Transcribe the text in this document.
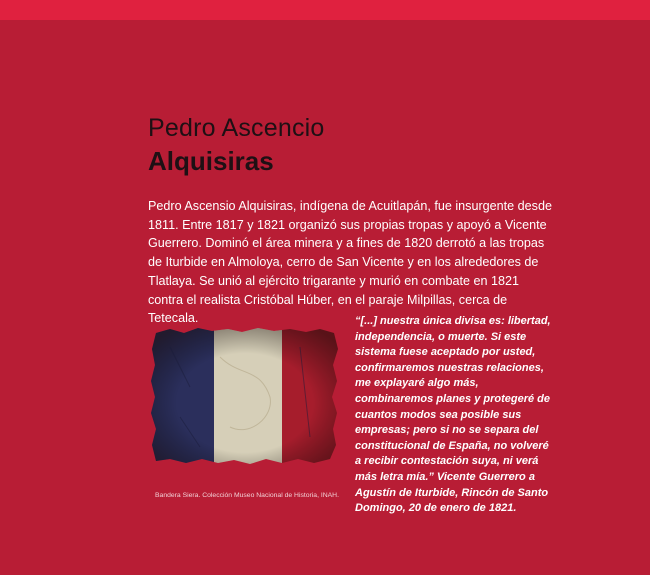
Pedro Ascencio
Alquisiras
Pedro Ascensio Alquisiras, indígena de Acuitlapán, fue insurgente desde 1811. Entre 1817 y 1821 organizó sus propias tropas y apoyó a Vicente Guerrero. Dominó el área minera y a fines de 1820 derrotó a las tropas de Iturbide en Almoloya, cerro de San Vicente y en los alrededores de Tlatlaya. Se unió al ejército trigarante y murió en combate en 1821 contra el realista Cristóbal Húber, en el paraje Milpillas, cerca de Tetecala.
Bandera Siera. Colección Museo Nacional de Historia, INAH.
“[...] nuestra única divisa es: libertad, independencia, o muerte. Si este sistema fuese aceptado por usted, confirmaremos nuestras relaciones, me explayaré algo más, combinaremos planes y protegeré de cuantos modos sea posible sus empresas; pero si no se separa del constitucional de España, no volveré a recibir contestación suya, ni verá más letra mía.” Vicente Guerrero a Agustín de Iturbide, Rincón de Santo Domingo, 20 de enero de 1821.
